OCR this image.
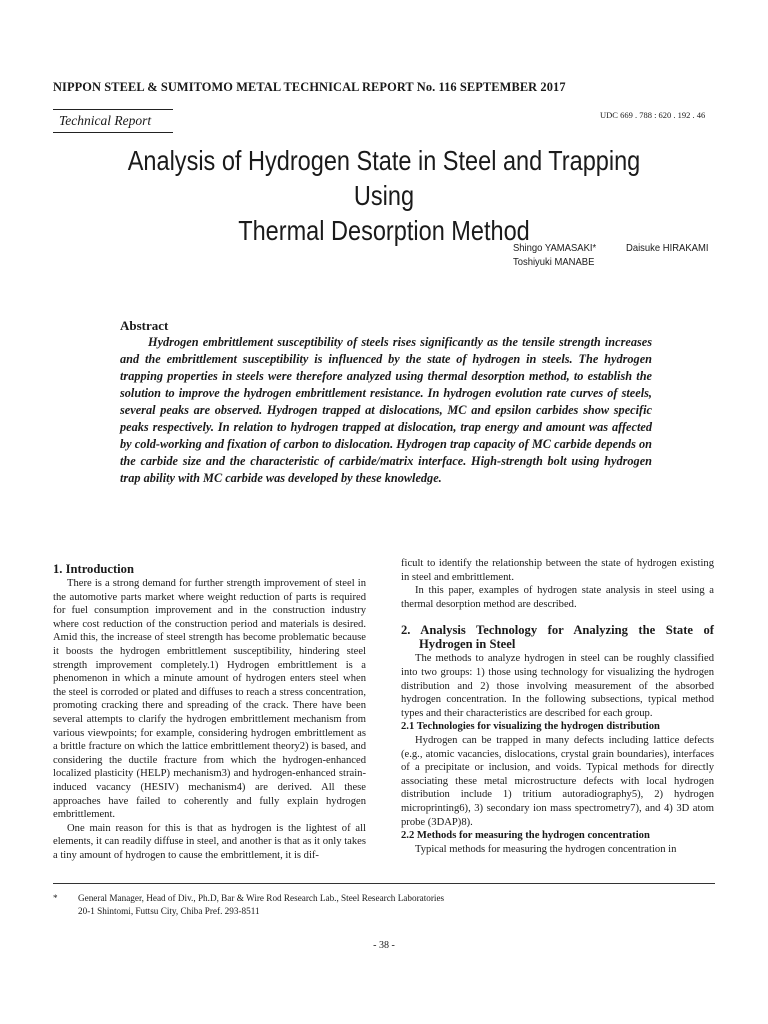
NIPPON STEEL & SUMITOMO METAL TECHNICAL REPORT No. 116 SEPTEMBER 2017
Technical Report	UDC 669 . 788 : 620 . 192 . 46
Analysis of Hydrogen State in Steel and Trapping Using
Thermal Desorption Method
Shingo YAMASAKI*	Daisuke HIRAKAMI
Toshiyuki MANABE
Abstract
Hydrogen embrittlement susceptibility of steels rises significantly as the tensile strength increases and the embrittlement susceptibility is influenced by the state of hydrogen in steels. The hydrogen trapping properties in steels were therefore analyzed using thermal desorption method, to establish the solution to improve the hydrogen embrittlement resistance. In hydrogen evolution rate curves of steels, several peaks are observed. Hydrogen trapped at dislocations, MC and epsilon carbides show specific peaks respectively. In relation to hydrogen trapped at dislocation, trap energy and amount was affected by cold-working and fixation of carbon to dislocation. Hydrogen trap capacity of MC carbide depends on the carbide size and the characteristic of carbide/matrix interface. High-strength bolt using hydrogen trap ability with MC carbide was developed by these knowledge.
1. Introduction

There is a strong demand for further strength improvement of steel in the automotive parts market where weight reduction of parts is required for fuel consumption improvement and in the construction industry where cost reduction of the construction period and materials is desired. Amid this, the increase of steel strength has become problematic because it boosts the hydrogen embrittlement susceptibility, hindering steel strength improvement completely.1) Hydrogen embrittlement is a phenomenon in which a minute amount of hydrogen enters steel when the steel is corroded or plated and diffuses to reach a stress concentration, promoting cracking there and spreading of the crack. There have been several attempts to clarify the hydrogen embrittlement mechanism from various viewpoints; for example, considering hydrogen embrittlement as a brittle fracture on which the lattice embrittlement theory2) is based, and considering the ductile fracture from which the hydrogen-enhanced localized plasticity (HELP) mechanism3) and hydrogen-enhanced strain-induced vacancy (HESIV) mechanism4) are derived. All these approaches have failed to coherently and fully explain hydrogen embrittlement.

One main reason for this is that as hydrogen is the lightest of all elements, it can readily diffuse in steel, and another is that as it only takes a tiny amount of hydrogen to cause the embrittlement, it is dif-

ficult to identify the relationship between the state of hydrogen existing in steel and embrittlement.

In this paper, examples of hydrogen state analysis in steel using a thermal desorption method are described.

2. Analysis Technology for Analyzing the State of Hydrogen in Steel

The methods to analyze hydrogen in steel can be roughly classified into two groups: 1) those using technology for visualizing the hydrogen distribution and 2) those involving measurement of the absorbed hydrogen concentration. In the following subsections, typical method types and their characteristics are described for each group.

2.1 Technologies for visualizing the hydrogen distribution

Hydrogen can be trapped in many defects including lattice defects (e.g., atomic vacancies, dislocations, crystal grain boundaries), interfaces of a precipitate or inclusion, and voids. Typical methods for directly associating these metal microstructure defects with local hydrogen distribution include 1) tritium autoradiography5), 2) hydrogen microprinting6), 3) secondary ion mass spectrometry7), and 4) 3D atom probe (3DAP)8).

2.2 Methods for measuring the hydrogen concentration

Typical methods for measuring the hydrogen concentration in

* General Manager, Head of Div., Ph.D, Bar & Wire Rod Research Lab., Steel Research Laboratories
20-1 Shintomi, Futtsu City, Chiba Pref. 293-8511
- 38 -
